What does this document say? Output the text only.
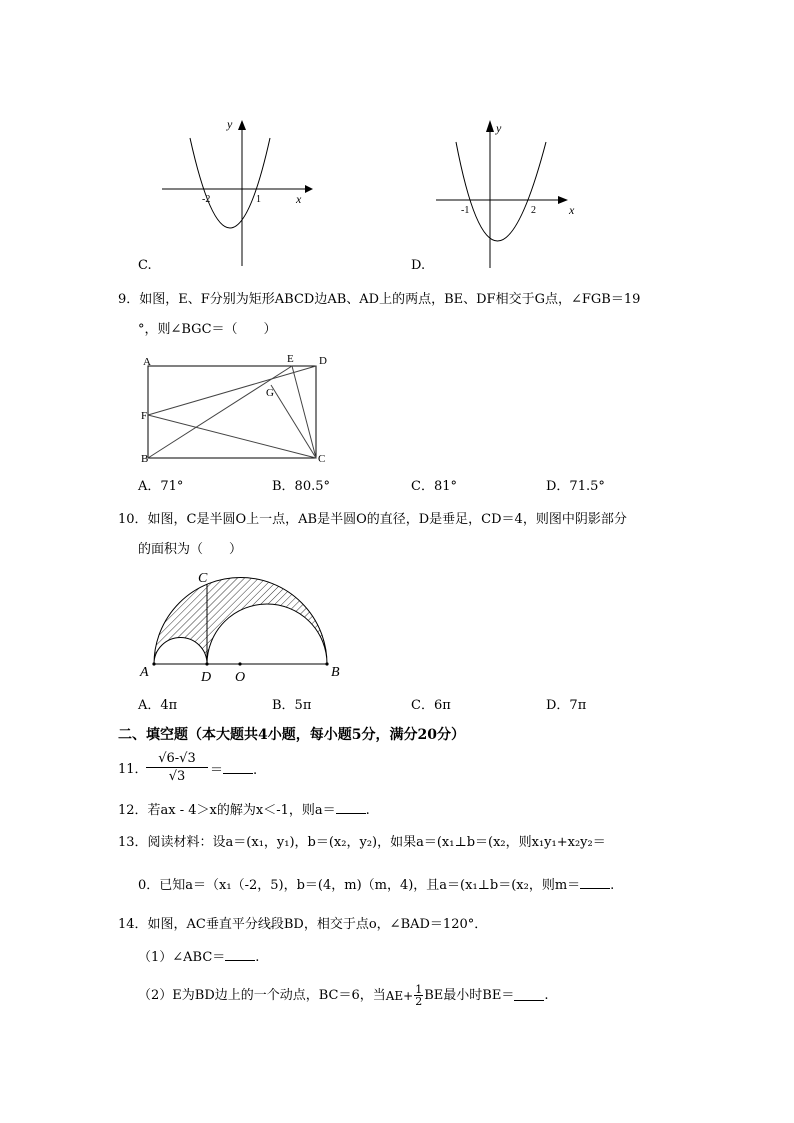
y
x
-2	1
C.
y
x
-1	2
D.
9．如图，E、F分别为矩形ABCD边AB、AD上的两点，BE、DF相交于G点，∠FGB＝19
°，则∠BGC＝（　　）
A	E D
G
F
B	C
A．71°	B．80.5°	C．81°	D．71.5°
10．如图，C是半圆O上一点，AB是半圆O的直径，D是垂足，CD＝4，则图中阴影部分
的面积为（　　）
C
A	D O	B
A．4π	B．5π	C．6π	D．7π
二、填空题（本大题共4小题，每小题5分，满分20分）
11．
$\frac{√6-√3}{√3}$ ＝ .
12．若ax - 4＞x的解为x＜-1，则a＝ .
13．阅读材料：设a＝(x₁，y₁)，b＝(x₂，y₂)，如果a＝(x₁⊥b＝(x₂，则x₁y₁+x₂y₂＝
0．已知a＝（x₁（-2，5)，b＝(4，m)（m，4)，且a＝(x₁⊥b＝(x₂，则m＝ .
14．如图，AC垂直平分线段BD，相交于点o，∠BAD＝120°．
（1）∠ABC＝ .
（2）E为BD边上的一个动点，BC＝6，当 $AE+ \frac{1}{2}$ BE最小时BE＝ .
